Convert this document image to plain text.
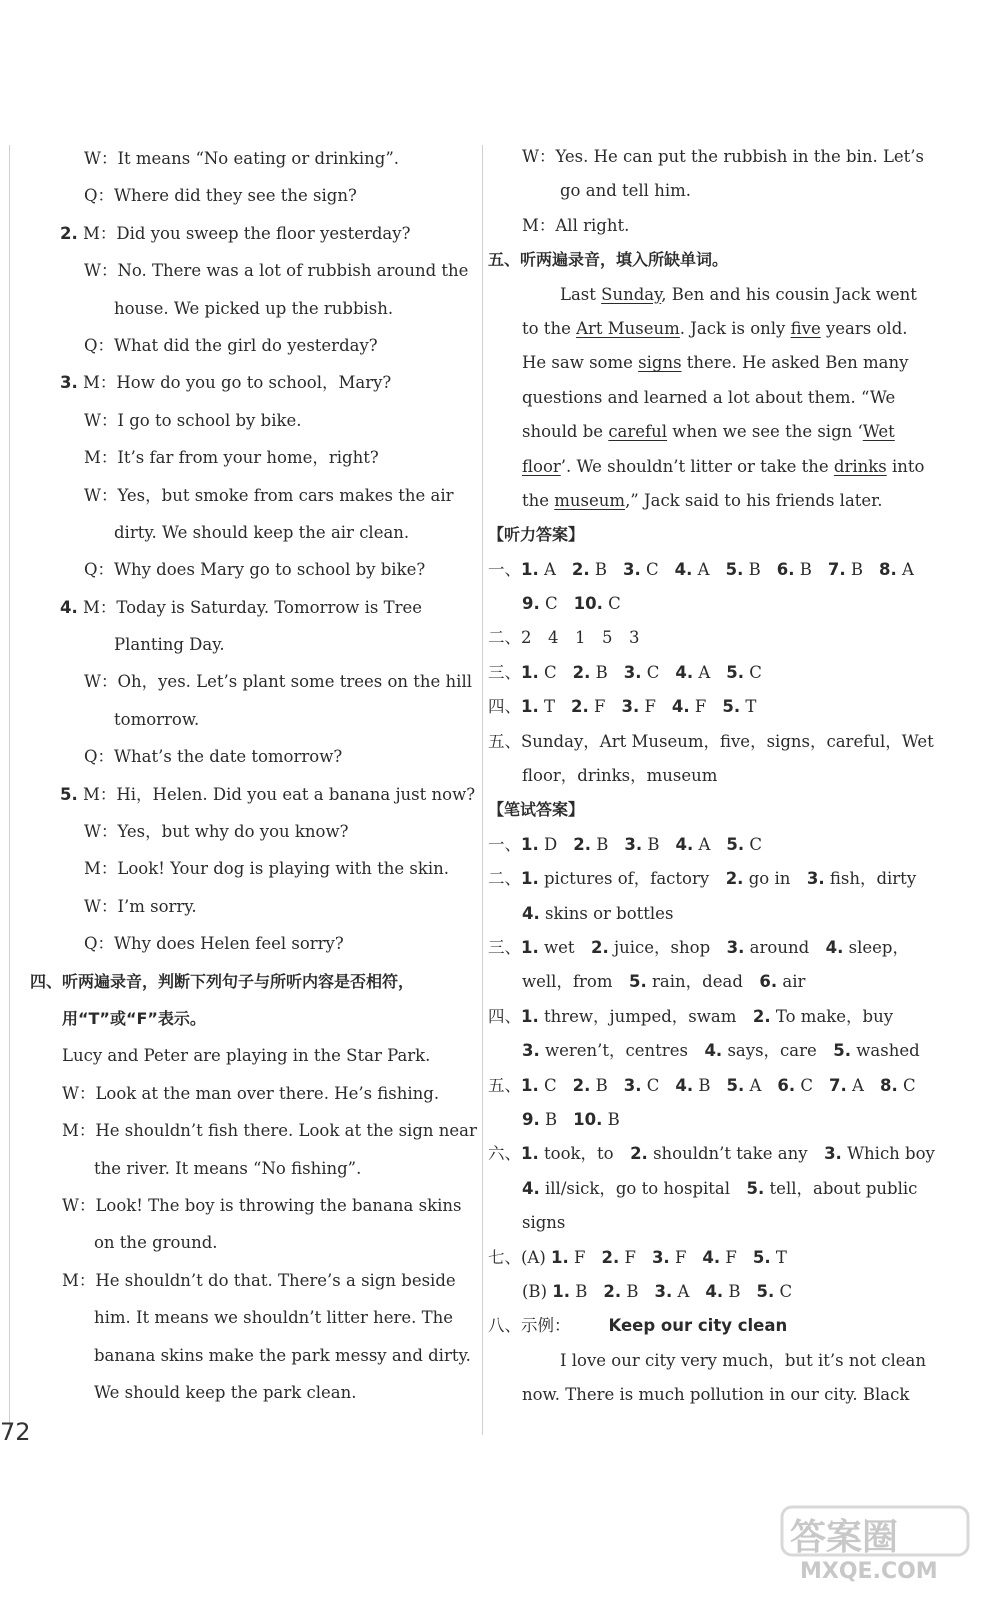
W：It means “No eating or drinking”.
Q：Where did they see the sign?
2. M：Did you sweep the floor yesterday?
W：No. There was a lot of rubbish around the
house. We picked up the rubbish.
Q：What did the girl do yesterday?
3. M：How do you go to school，Mary?
W：I go to school by bike.
M：It’s far from your home，right?
W：Yes，but smoke from cars makes the air
dirty. We should keep the air clean.
Q：Why does Mary go to school by bike?
4. M：Today is Saturday. Tomorrow is Tree
Planting Day.
W：Oh，yes. Let’s plant some trees on the hill
tomorrow.
Q：What’s the date tomorrow?
5. M：Hi，Helen. Did you eat a banana just now?
W：Yes，but why do you know?
M：Look! Your dog is playing with the skin.
W：I’m sorry.
Q：Why does Helen feel sorry?
四、听两遍录音，判断下列句子与所听内容是否相符，
用“T”或“F”表示。
Lucy and Peter are playing in the Star Park.
W：Look at the man over there. He’s fishing.
M：He shouldn’t fish there. Look at the sign near
the river. It means “No fishing”.
W：Look! The boy is throwing the banana skins
on the ground.
M：He shouldn’t do that. There’s a sign beside
him. It means we shouldn’t litter here. The
banana skins make the park messy and dirty.
We should keep the park clean.
W：Yes. He can put the rubbish in the bin. Let’s
go and tell him.
M：All right.
五、听两遍录音，填入所缺单词。
Last Sunday, Ben and his cousin Jack went
to the Art Museum. Jack is only five years old.
He saw some signs there. He asked Ben many
questions and learned a lot about them. “We
should be careful when we see the sign ‘Wet
floor’. We shouldn’t litter or take the drinks into
the museum,” Jack said to his friends later.
【听力答案】
一、1. A 2. B 3. C 4. A 5. B 6. B 7. B 8. A
9. C 10. C
二、2　4　1　5　3
三、1. C 2. B 3. C 4. A 5. C
四、1. T 2. F 3. F 4. F 5. T
五、Sunday，Art Museum，five，signs，careful，Wet
floor，drinks，museum
【笔试答案】
一、1. D 2. B 3. B 4. A 5. C
二、1. pictures of，factory　 2. go in　 3. fish，dirty
4. skins or bottles
三、1. wet　 2. juice，shop　 3. around　 4. sleep，
well，from　 5. rain，dead　 6. air
四、1. threw，jumped，swam　 2. To make，buy
3. weren’t，centres　 4. says，care　 5. washed
五、1. C 2. B 3. C 4. B 5. A 6. C 7. A 8. C
9. B 10. B
六、1. took，to　 2. shouldn’t take any　 3. Which boy
4. ill/sick，go to hospital　 5. tell，about public
signs
七、(A) 1. F 2. F 3. F 4. F 5. T
(B) 1. B 2. B 3. A 4. B 5. C
八、示例： Keep our city clean
I love our city very much，but it’s not clean
now. There is much pollution in our city. Black
72
答案圈
MXQE.COM
